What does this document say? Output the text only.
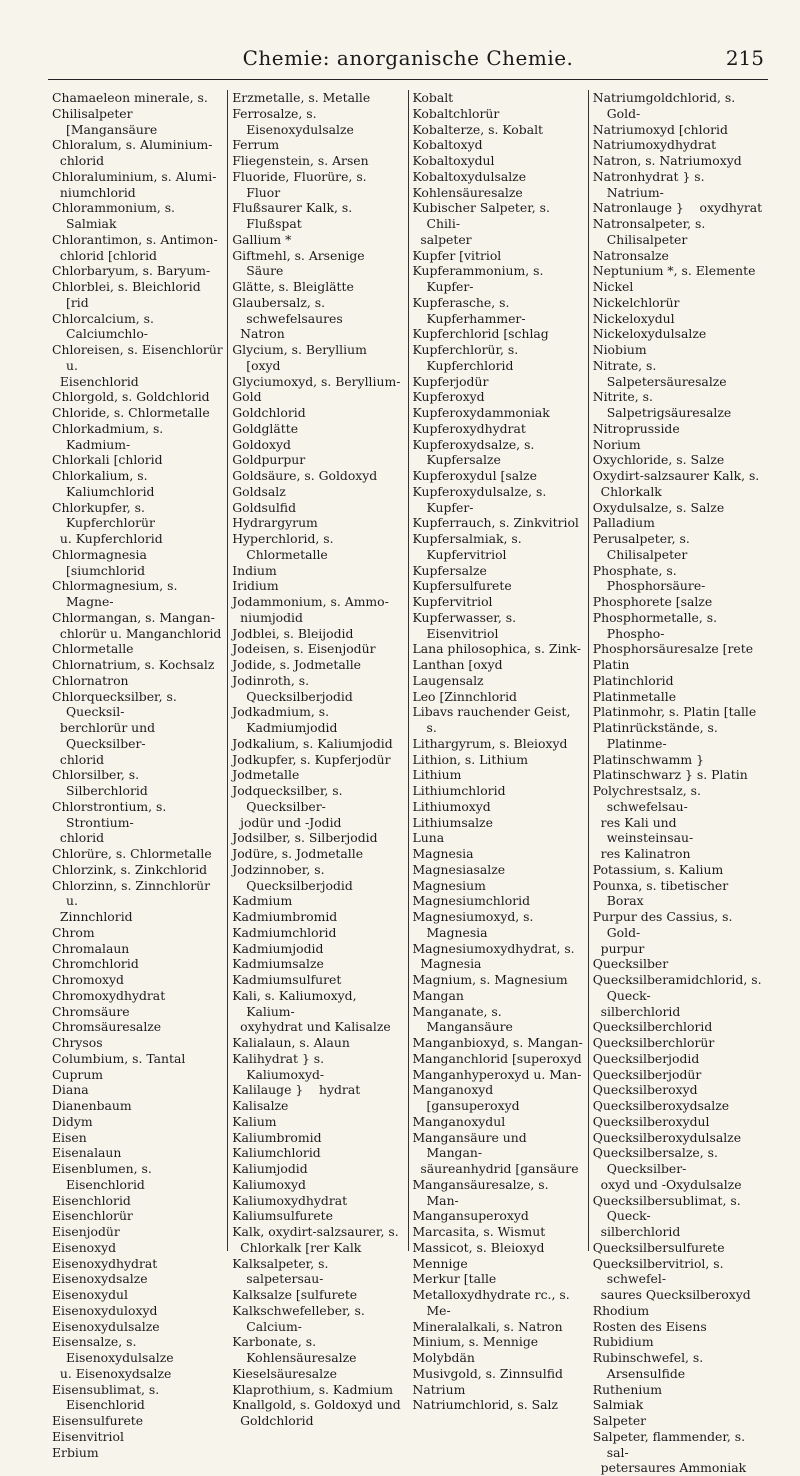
Chemie: anorganische Chemie.	215
Chamaeleon minerale, s.
Chilisalpeter [Mangansäure
Chloralum, s. Aluminium-
chlorid
Chloraluminium, s. Alumi-
niumchlorid
Chlorammonium, s. Salmiak
Chlorantimon, s. Antimon-
chlorid [chlorid
Chlorbaryum, s. Baryum-
Chlorblei, s. Bleichlorid [rid
Chlorcalcium, s. Calciumchlo-
Chloreisen, s. Eisenchlorür u.
Eisenchlorid
Chlorgold, s. Goldchlorid
Chloride, s. Chlormetalle
Chlorkadmium, s. Kadmium-
Chlorkali [chlorid
Chlorkalium, s. Kaliumchlorid
Chlorkupfer, s. Kupferchlorür
u. Kupferchlorid
Chlormagnesia [siumchlorid
Chlormagnesium, s. Magne-
Chlormangan, s. Mangan-
chlorür u. Manganchlorid
Chlormetalle
Chlornatrium, s. Kochsalz
Chlornatron
Chlorquecksilber, s. Quecksil-
berchlorür und Quecksilber-
chlorid
Chlorsilber, s. Silberchlorid
Chlorstrontium, s. Strontium-
chlorid
Chlorüre, s. Chlormetalle
Chlorzink, s. Zinkchlorid
Chlorzinn, s. Zinnchlorür u.
Zinnchlorid
Chrom
Chromalaun
Chromchlorid
Chromoxyd
Chromoxydhydrat
Chromsäure
Chromsäuresalze
Chrysos
Columbium, s. Tantal
Cuprum
Diana
Dianenbaum
Didym
Eisen
Eisenalaun
Eisenblumen, s. Eisenchlorid
Eisenchlorid
Eisenchlorür
Eisenjodür
Eisenoxyd
Eisenoxydhydrat
Eisenoxydsalze
Eisenoxydul
Eisenoxyduloxyd
Eisenoxydulsalze
Eisensalze, s. Eisenoxydulsalze
u. Eisenoxydsalze
Eisensublimat, s. Eisenchlorid
Eisensulfurete
Eisenvitriol
Erbium
Erzmetalle, s. Metalle
Ferrosalze, s. Eisenoxydulsalze
Ferrum
Fliegenstein, s. Arsen
Fluoride, Fluorüre, s. Fluor
Flußsaurer Kalk, s. Flußspat
Gallium *
Giftmehl, s. Arsenige Säure
Glätte, s. Bleiglätte
Glaubersalz, s. schwefelsaures
Natron
Glycium, s. Beryllium [oxyd
Glyciumoxyd, s. Beryllium-
Gold
Goldchlorid
Goldglätte
Goldoxyd
Goldpurpur
Goldsäure, s. Goldoxyd
Goldsalz
Goldsulfid
Hydrargyrum
Hyperchlorid, s. Chlormetalle
Indium
Iridium
Jodammonium, s. Ammo-
niumjodid
Jodblei, s. Bleijodid
Jodeisen, s. Eisenjodür
Jodide, s. Jodmetalle
Jodinroth, s. Quecksilberjodid
Jodkadmium, s. Kadmiumjodid
Jodkalium, s. Kaliumjodid
Jodkupfer, s. Kupferjodür
Jodmetalle
Jodquecksilber, s. Quecksilber-
jodür und -Jodid
Jodsilber, s. Silberjodid
Jodüre, s. Jodmetalle
Jodzinnober, s. Quecksilberjodid
Kadmium
Kadmiumbromid
Kadmiumchlorid
Kadmiumjodid
Kadmiumsalze
Kadmiumsulfuret
Kali, s. Kaliumoxyd, Kalium-
oxyhydrat und Kalisalze
Kalialaun, s. Alaun
Kalihydrat } s. Kaliumoxyd-
Kalilauge }    hydrat
Kalisalze
Kalium
Kaliumbromid
Kaliumchlorid
Kaliumjodid
Kaliumoxyd
Kaliumoxydhydrat
Kaliumsulfurete
Kalk, oxydirt-salzsaurer, s.
Chlorkalk [rer Kalk
Kalksalpeter, s. salpetersau-
Kalksalze [sulfurete
Kalkschwefelleber, s. Calcium-
Karbonate, s. Kohlensäuresalze
Kieselsäuresalze
Klaprothium, s. Kadmium
Knallgold, s. Goldoxyd und
Goldchlorid
Kobalt
Kobaltchlorür
Kobalterze, s. Kobalt
Kobaltoxyd
Kobaltoxydul
Kobaltoxydulsalze
Kohlensäuresalze
Kubischer Salpeter, s. Chili-
salpeter
Kupfer [vitriol
Kupferammonium, s. Kupfer-
Kupferasche, s. Kupferhammer-
Kupferchlorid [schlag
Kupferchlorür, s. Kupferchlorid
Kupferjodür
Kupferoxyd
Kupferoxydammoniak
Kupferoxydhydrat
Kupferoxydsalze, s. Kupfersalze
Kupferoxydul [salze
Kupferoxydulsalze, s. Kupfer-
Kupferrauch, s. Zinkvitriol
Kupfersalmiak, s. Kupfervitriol
Kupfersalze
Kupfersulfurete
Kupfervitriol
Kupferwasser, s. Eisenvitriol
Lana philosophica, s. Zink-
Lanthan [oxyd
Laugensalz
Leo [Zinnchlorid
Libavs rauchender Geist, s.
Lithargyrum, s. Bleioxyd
Lithion, s. Lithium
Lithium
Lithiumchlorid
Lithiumoxyd
Lithiumsalze
Luna
Magnesia
Magnesiasalze
Magnesium
Magnesiumchlorid
Magnesiumoxyd, s. Magnesia
Magnesiumoxydhydrat, s.
Magnesia
Magnium, s. Magnesium
Mangan
Manganate, s. Mangansäure
Manganbioxyd, s. Mangan-
Manganchlorid [superoxyd
Manganhyperoxyd u. Man-
Manganoxyd [gansuperoxyd
Manganoxydul
Mangansäure und Mangan-
säureanhydrid [gansäure
Mangansäuresalze, s. Man-
Mangansuperoxyd
Marcasita, s. Wismut
Massicot, s. Bleioxyd
Mennige
Merkur [talle
Metalloxydhydrate rc., s. Me-
Mineralalkali, s. Natron
Minium, s. Mennige
Molybdän
Musivgold, s. Zinnsulfid
Natrium
Natriumchlorid, s. Salz
Natriumgoldchlorid, s. Gold-
Natriumoxyd [chlorid
Natriumoxydhydrat
Natron, s. Natriumoxyd
Natronhydrat } s. Natrium-
Natronlauge }    oxydhyrat
Natronsalpeter, s. Chilisalpeter
Natronsalze
Neptunium *, s. Elemente
Nickel
Nickelchlorür
Nickeloxydul
Nickeloxydulsalze
Niobium
Nitrate, s. Salpetersäuresalze
Nitrite, s. Salpetrigsäuresalze
Nitroprusside
Norium
Oxychloride, s. Salze
Oxydirt-salzsaurer Kalk, s.
Chlorkalk
Oxydulsalze, s. Salze
Palladium
Perusalpeter, s. Chilisalpeter
Phosphate, s. Phosphorsäure-
Phosphorete [salze
Phosphormetalle, s. Phospho-
Phosphorsäuresalze [rete
Platin
Platinchlorid
Platinmetalle
Platinmohr, s. Platin [talle
Platinrückstände, s. Platinme-
Platinschwamm }
Platinschwarz } s. Platin
Polychrestsalz, s. schwefelsau-
res Kali und weinsteinsau-
res Kalinatron
Potassium, s. Kalium
Pounxa, s. tibetischer Borax
Purpur des Cassius, s. Gold-
purpur
Quecksilber
Quecksilberamidchlorid, s. Queck-
silberchlorid
Quecksilberchlorid
Quecksilberchlorür
Quecksilberjodid
Quecksilberjodür
Quecksilberoxyd
Quecksilberoxydsalze
Quecksilberoxydul
Quecksilberoxydulsalze
Quecksilbersalze, s. Quecksilber-
oxyd und -Oxydulsalze
Quecksilbersublimat, s. Queck-
silberchlorid
Quecksilbersulfurete
Quecksilbervitriol, s. schwefel-
saures Quecksilberoxyd
Rhodium
Rosten des Eisens
Rubidium
Rubinschwefel, s. Arsensulfide
Ruthenium
Salmiak
Salpeter
Salpeter, flammender, s. sal-
petersaures Ammoniak
